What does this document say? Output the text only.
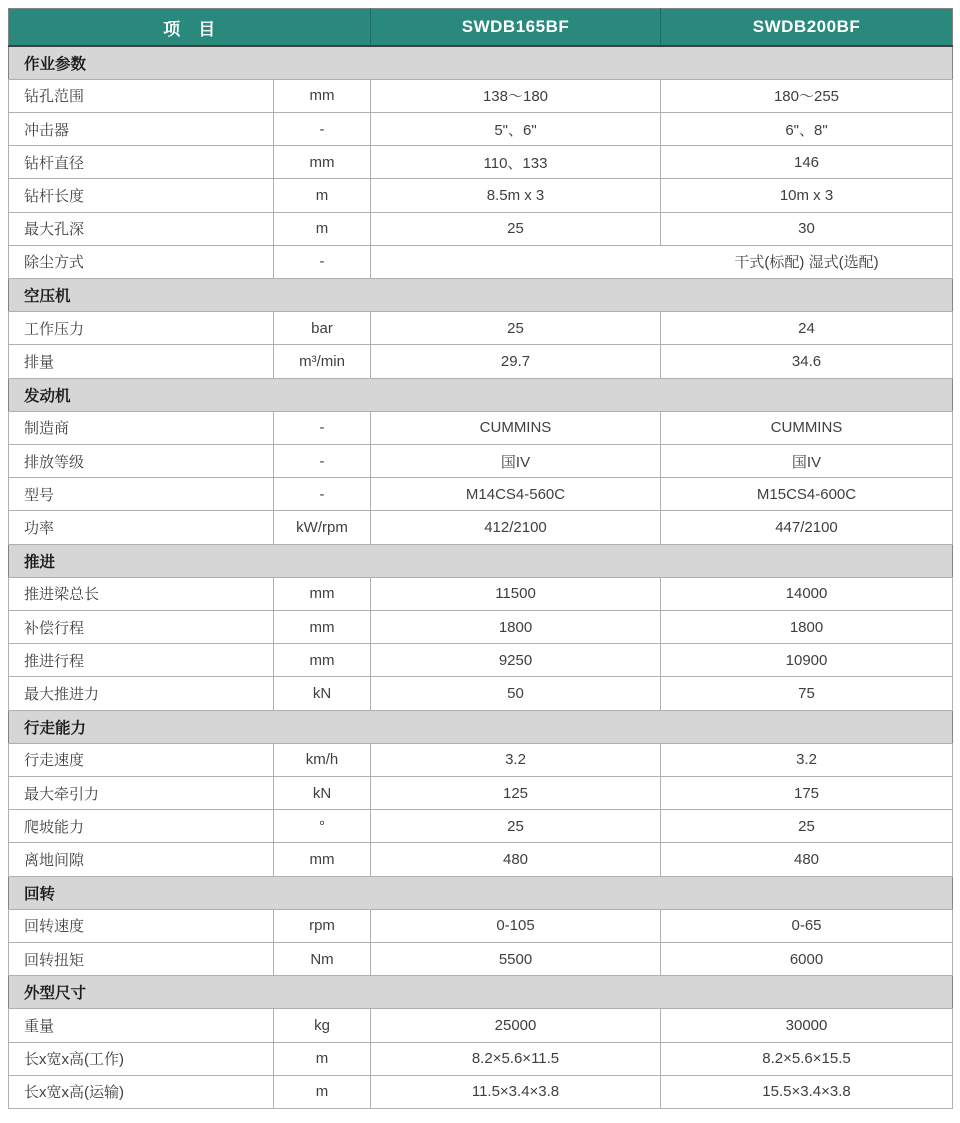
项　目		SWDB165BF	SWDB200BF
作业参数			
钻孔范围	mm	138～180	180～255
冲击器	-	5"、6"	6"、8"
钻杆直径	mm	110、133	146
钻杆长度	m	8.5m x 3	10m x 3
最大孔深	m	25	30
除尘方式	-	干式(标配) 湿式(选配)	
空压机			
工作压力	bar	25	24
排量	m³/min	29.7	34.6
发动机			
制造商	-	CUMMINS	CUMMINS
排放等级	-	国IV	国IV
型号	-	M14CS4-560C	M15CS4-600C
功率	kW/rpm	412/2100	447/2100
推进			
推进梁总长	mm	11500	14000
补偿行程	mm	1800	1800
推进行程	mm	9250	10900
最大推进力	kN	50	75
行走能力			
行走速度	km/h	3.2	3.2
最大牵引力	kN	125	175
爬坡能力	°	25	25
离地间隙	mm	480	480
回转			
回转速度	rpm	0-105	0-65
回转扭矩	Nm	5500	6000
外型尺寸			
重量	kg	25000	30000
长x宽x高(工作)	m	8.2×5.6×11.5	8.2×5.6×15.5
长x宽x高(运输)	m	11.5×3.4×3.8	15.5×3.4×3.8
